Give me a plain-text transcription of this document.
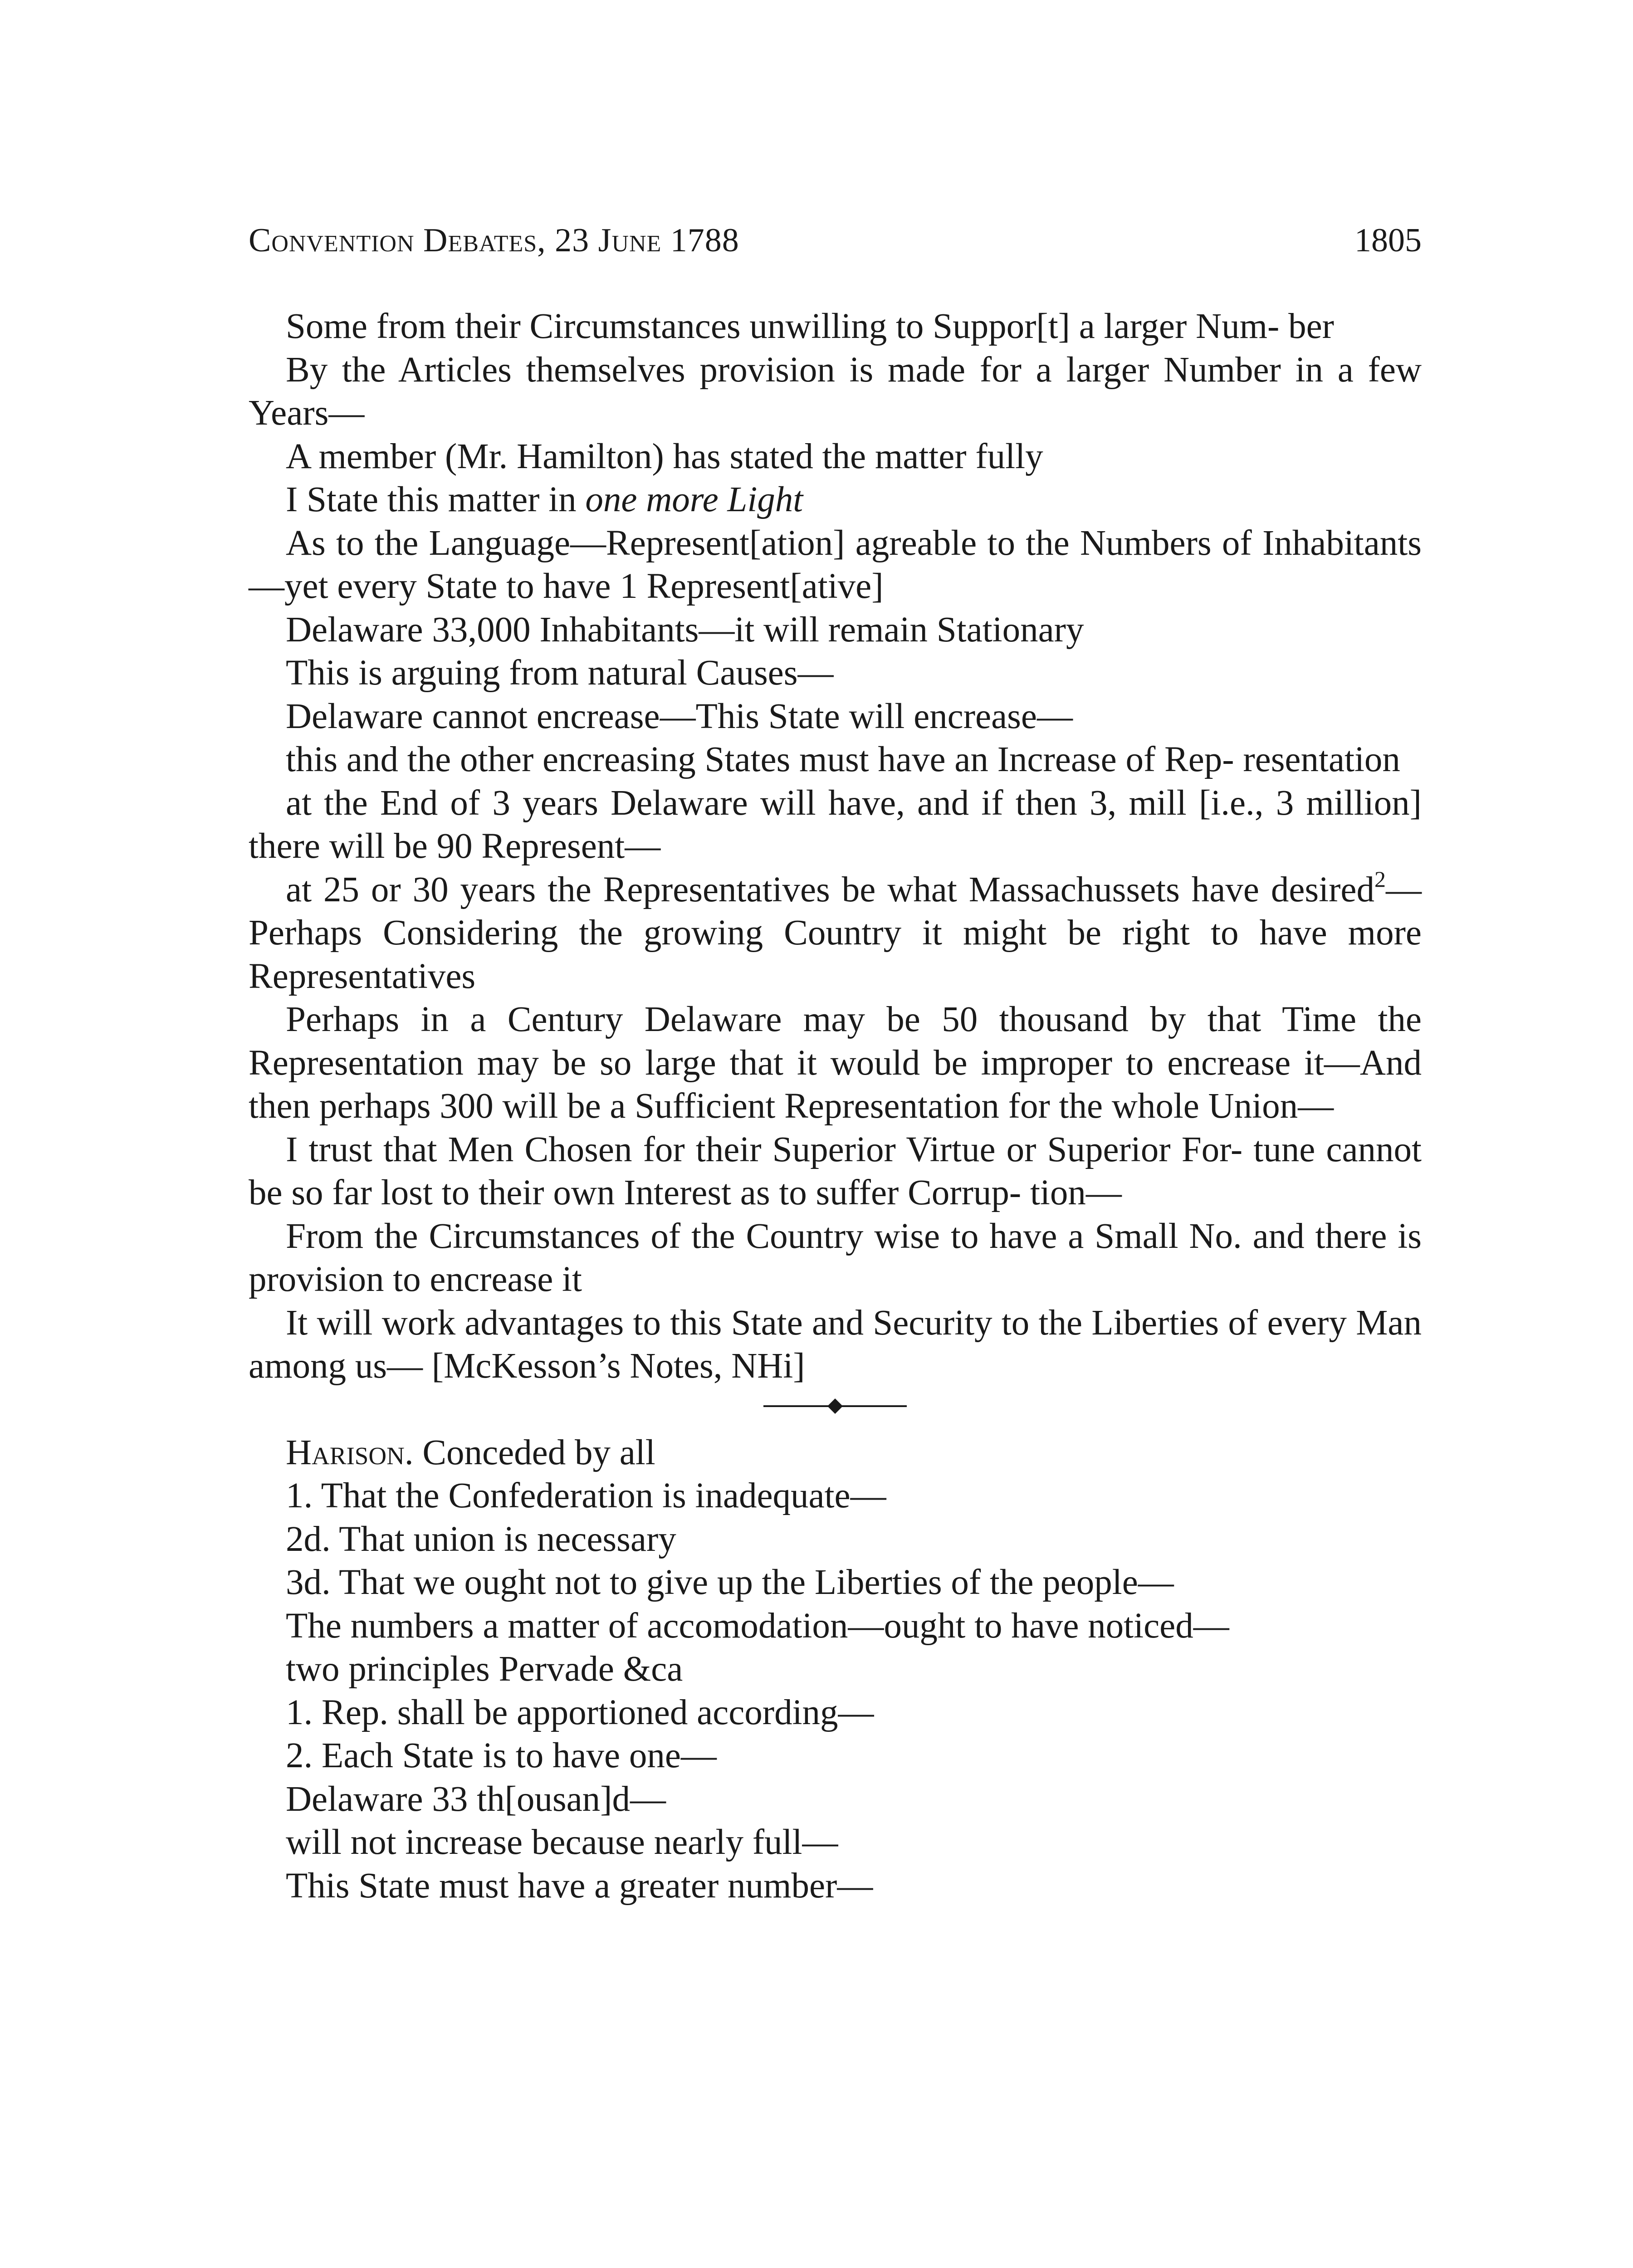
Convention Debates, 23 June 1788	1805

Some from their Circumstances unwilling to Suppor[t] a larger Num- ber

By the Articles themselves provision is made for a larger Number in a few Years—

A member (Mr. Hamilton) has stated the matter fully

I State this matter in one more Light

As to the Language—Represent[ation] agreable to the Numbers of Inhabitants—yet every State to have 1 Represent[ative]

Delaware 33,000 Inhabitants—it will remain Stationary

This is arguing from natural Causes—

Delaware cannot encrease—This State will encrease—

this and the other encreasing States must have an Increase of Rep- resentation

at the End of 3 years Delaware will have, and if then 3, mill [i.e., 3 million] there will be 90 Represent—

at 25 or 30 years the Representatives be what Massachussets have desired$^2$—Perhaps Considering the growing Country it might be right to have more Representatives

Perhaps in a Century Delaware may be 50 thousand by that Time the Representation may be so large that it would be improper to encrease it—And then perhaps 300 will be a Sufficient Representation for the whole Union—

I trust that Men Chosen for their Superior Virtue or Superior For- tune cannot be so far lost to their own Interest as to suffer Corrup- tion—

From the Circumstances of the Country wise to have a Small No. and there is provision to encrease it

It will work advantages to this State and Security to the Liberties of every Man among us— [McKesson’s Notes, NHi]

Harison. Conceded by all

1. That the Confederation is inadequate—

2d. That union is necessary

3d. That we ought not to give up the Liberties of the people—

The numbers a matter of accomodation—ought to have noticed—

two principles Pervade &ca

1. Rep. shall be apportioned according—

2. Each State is to have one—

Delaware 33 th[ousan]d—

will not increase because nearly full—

This State must have a greater number—
